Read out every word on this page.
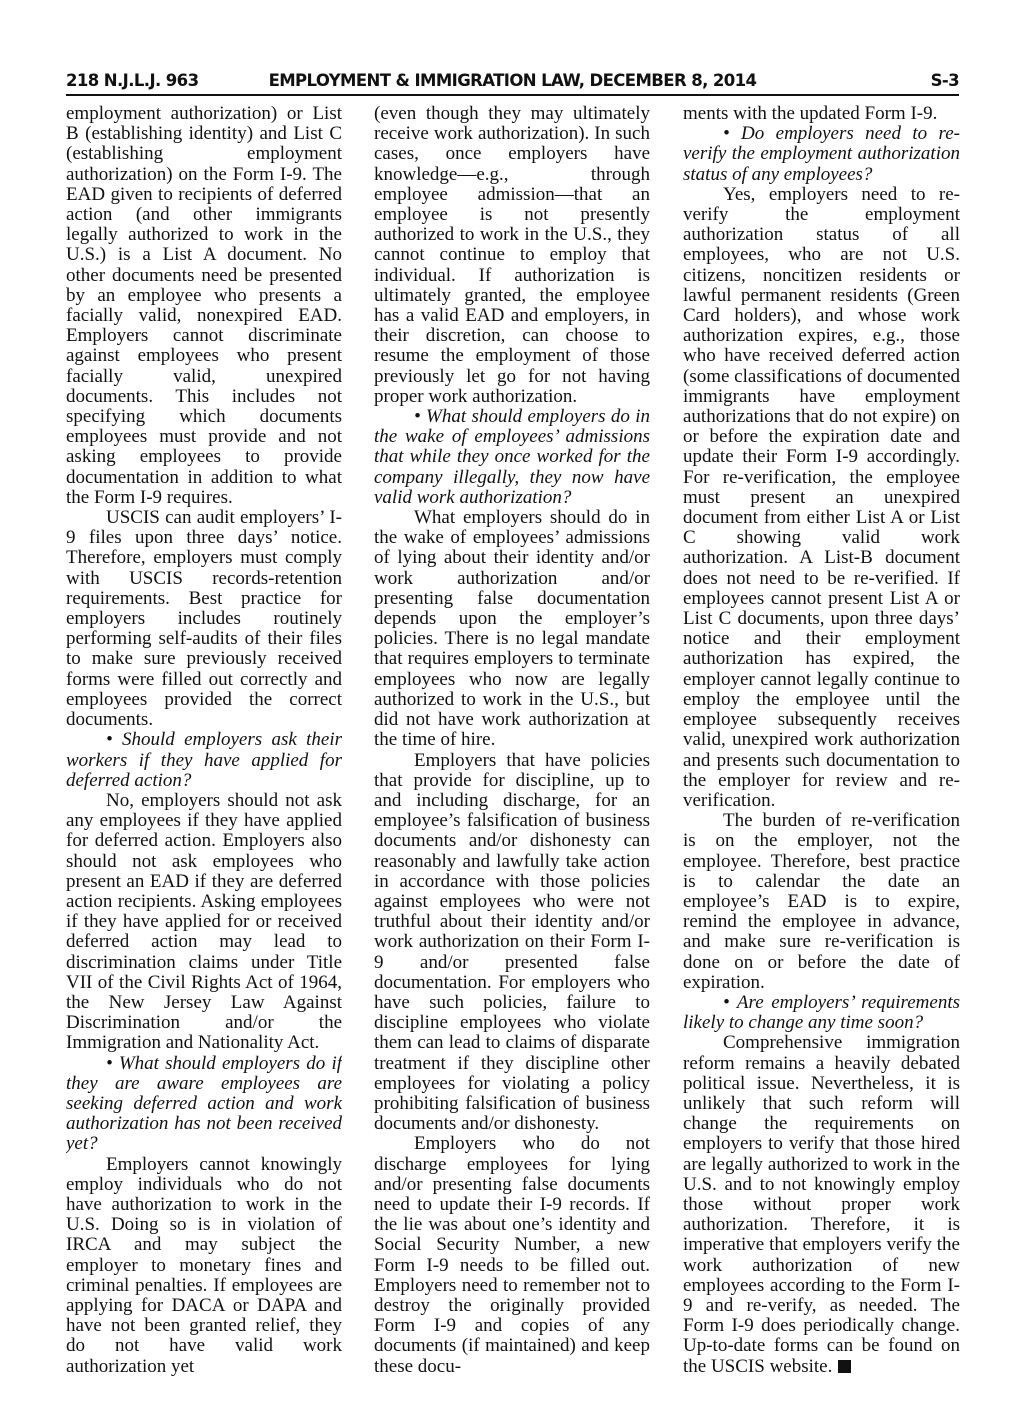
218 N.J.L.J. 963	EMPLOYMENT & IMMIGRATION LAW, DECEMBER 8, 2014	S-3

employment authorization) or List B (establishing identity) and List C (establishing employment authorization) on the Form I-9. The EAD given to recipients of deferred action (and other immigrants legally authorized to work in the U.S.) is a List A document. No other documents need be presented by an employee who presents a facially valid, nonexpired EAD. Employers cannot discriminate against employees who present facially valid, unexpired documents. This includes not specifying which documents employees must provide and not asking employees to provide documentation in addition to what the Form I-9 requires.

USCIS can audit employers’ I-9 files upon three days’ notice. Therefore, employers must comply with USCIS records-retention requirements. Best practice for employers includes routinely performing self-audits of their files to make sure previously received forms were filled out correctly and employees provided the correct documents.

• Should employers ask their workers if they have applied for deferred action?

No, employers should not ask any employees if they have applied for deferred action. Employers also should not ask employees who present an EAD if they are deferred action recipients. Asking employees if they have applied for or received deferred action may lead to discrimination claims under Title VII of the Civil Rights Act of 1964, the New Jersey Law Against Discrimination and/or the Immigration and Nationality Act.

• What should employers do if they are aware employees are seeking deferred action and work authorization has not been received yet?

Employers cannot knowingly employ individuals who do not have authorization to work in the U.S. Doing so is in violation of IRCA and may subject the employer to monetary fines and criminal penalties. If employees are applying for DACA or DAPA and have not been granted relief, they do not have valid work authorization yet

(even though they may ultimately receive work authorization). In such cases, once employers have knowledge—e.g., through employee admission—that an employee is not presently authorized to work in the U.S., they cannot continue to employ that individual. If authorization is ultimately granted, the employee has a valid EAD and employers, in their discretion, can choose to resume the employment of those previously let go for not having proper work authorization.

• What should employers do in the wake of employees’ admissions that while they once worked for the company illegally, they now have valid work authorization?

What employers should do in the wake of employees’ admissions of lying about their identity and/or work authorization and/or presenting false documentation depends upon the employer’s policies. There is no legal mandate that requires employers to terminate employees who now are legally authorized to work in the U.S., but did not have work authorization at the time of hire.

Employers that have policies that provide for discipline, up to and including discharge, for an employee’s falsification of business documents and/or dishonesty can reasonably and lawfully take action in accordance with those policies against employees who were not truthful about their identity and/or work authorization on their Form I-9 and/or presented false documentation. For employers who have such policies, failure to discipline employees who violate them can lead to claims of disparate treatment if they discipline other employees for violating a policy prohibiting falsification of business documents and/or dishonesty.

Employers who do not discharge employees for lying and/or presenting false documents need to update their I-9 records. If the lie was about one’s identity and Social Security Number, a new Form I-9 needs to be filled out. Employers need to remember not to destroy the originally provided Form I-9 and copies of any documents (if maintained) and keep these docu-

ments with the updated Form I-9.

• Do employers need to re-verify the employment authorization status of any employees?

Yes, employers need to re-verify the employment authorization status of all employees, who are not U.S. citizens, noncitizen residents or lawful permanent residents (Green Card holders), and whose work authorization expires, e.g., those who have received deferred action (some classifications of documented immigrants have employment authorizations that do not expire) on or before the expiration date and update their Form I-9 accordingly. For re-verification, the employee must present an unexpired document from either List A or List C showing valid work authorization. A List-B document does not need to be re-verified. If employees cannot present List A or List C documents, upon three days’ notice and their employment authorization has expired, the employer cannot legally continue to employ the employee until the employee subsequently receives valid, unexpired work authorization and presents such documentation to the employer for review and re-verification.

The burden of re-verification is on the employer, not the employee. Therefore, best practice is to calendar the date an employee’s EAD is to expire, remind the employee in advance, and make sure re-verification is done on or before the date of expiration.

• Are employers’ requirements likely to change any time soon?

Comprehensive immigration reform remains a heavily debated political issue. Nevertheless, it is unlikely that such reform will change the requirements on employers to verify that those hired are legally authorized to work in the U.S. and to not knowingly employ those without proper work authorization. Therefore, it is imperative that employers verify the work authorization of new employees according to the Form I-9 and re-verify, as needed. The Form I-9 does periodically change. Up-to-date forms can be found on the USCIS website.
